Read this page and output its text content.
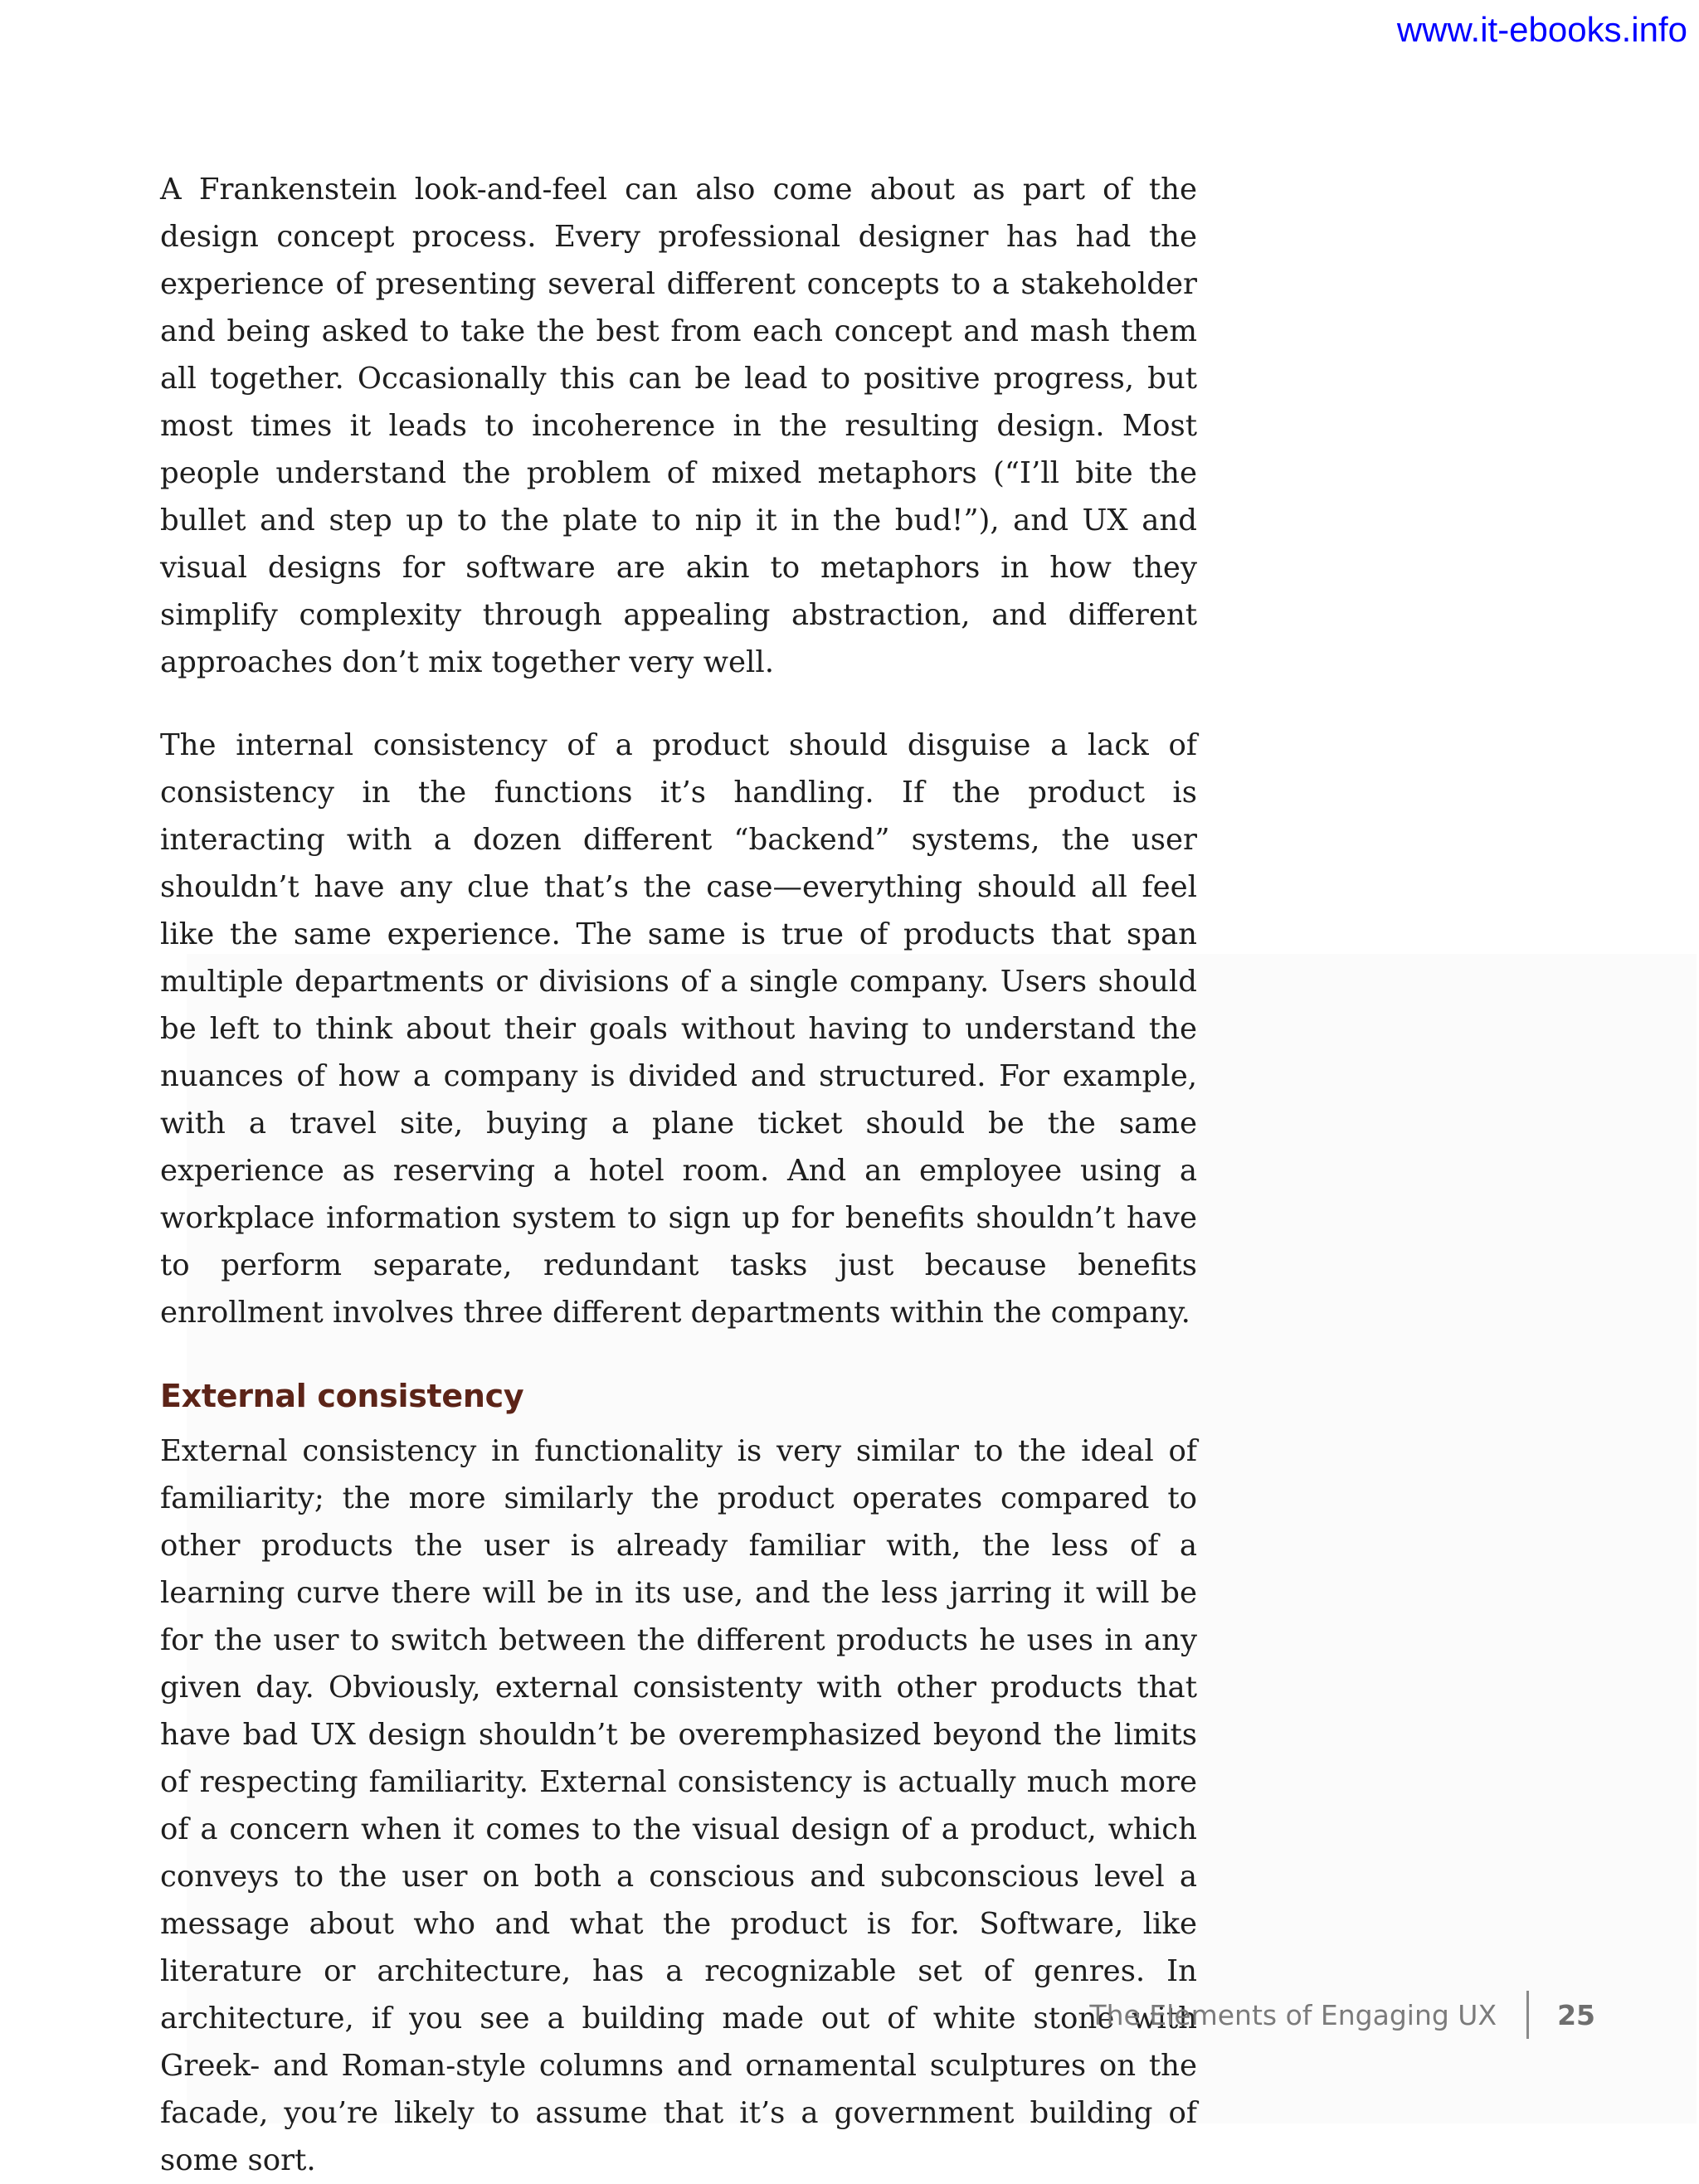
www.it-ebooks.info

A Frankenstein look-and-feel can also come about as part of the design concept process. Every professional designer has had the experience of presenting several different concepts to a stakeholder and being asked to take the best from each concept and mash them all together. Occasionally this can be lead to positive progress, but most times it leads to incoherence in the resulting design. Most people understand the problem of mixed metaphors (“I’ll bite the bullet and step up to the plate to nip it in the bud!”), and UX and visual designs for software are akin to metaphors in how they simplify complexity through appealing abstraction, and different approaches don’t mix together very well.

The internal consistency of a product should disguise a lack of consistency in the functions it’s handling. If the product is interacting with a dozen different “backend” systems, the user shouldn’t have any clue that’s the case—everything should all feel like the same experience. The same is true of products that span multiple departments or divisions of a single company. Users should be left to think about their goals without having to understand the nuances of how a company is divided and structured. For example, with a travel site, buying a plane ticket should be the same experience as reserving a hotel room. And an employee using a workplace information system to sign up for benefits shouldn’t have to perform separate, redundant tasks just because benefits enrollment involves three different departments within the company.

External consistency

External consistency in functionality is very similar to the ideal of familiarity; the more similarly the product operates compared to other products the user is already familiar with, the less of a learning curve there will be in its use, and the less jarring it will be for the user to switch between the different products he uses in any given day. Obviously, external consistenty with other products that have bad UX design shouldn’t be overemphasized beyond the limits of respecting familiarity. External consistency is actually much more of a concern when it comes to the visual design of a product, which conveys to the user on both a conscious and subconscious level a message about who and what the product is for. Software, like literature or architecture, has a recognizable set of genres. In architecture, if you see a building made out of white stone with Greek- and Roman-style columns and ornamental sculptures on the facade, you’re likely to assume that it’s a government building of some sort.

The Elements of Engaging UX 25
